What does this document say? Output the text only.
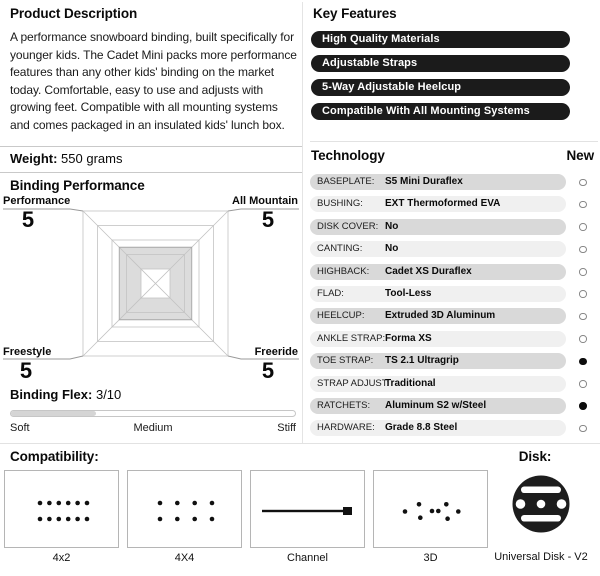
Product Description
A performance snowboard binding, built specifically for younger kids. The Cadet Mini packs more performance features than any other kids' binding on the market today. Comfortable, easy to use and adjusts with growing feet. Compatible with all mounting systems and comes packaged in an insulated kids' lunch box.
Key Features
High Quality Materials
Adjustable Straps
5-Way Adjustable Heelcup
Compatible With All Mounting Systems
Weight: 550 grams
Binding Performance
Performance	All Mountain
Freestyle	Freeride
5	5
5	5
Binding Flex: 3/10
Soft	Medium	Stiff
Technology	New
BASEPLATE: S5 Mini Duraflex
BUSHING: EXT Thermoformed EVA
DISK COVER: No
CANTING: No
HIGHBACK: Cadet XS Duraflex
FLAD:	Tool-Less
HEELCUP: Extruded 3D Aluminum
ANKLE STRAP: Forma XS
TOE STRAP: TS 2.1 Ultragrip
STRAP ADJUST:
Traditional
RATCHETS: Aluminum S2 w/Steel
HARDWARE: Grade 8.8 Steel
Compatibility:	Disk:
4x2	4X4	Channel	3D	Universal Disk - V2
